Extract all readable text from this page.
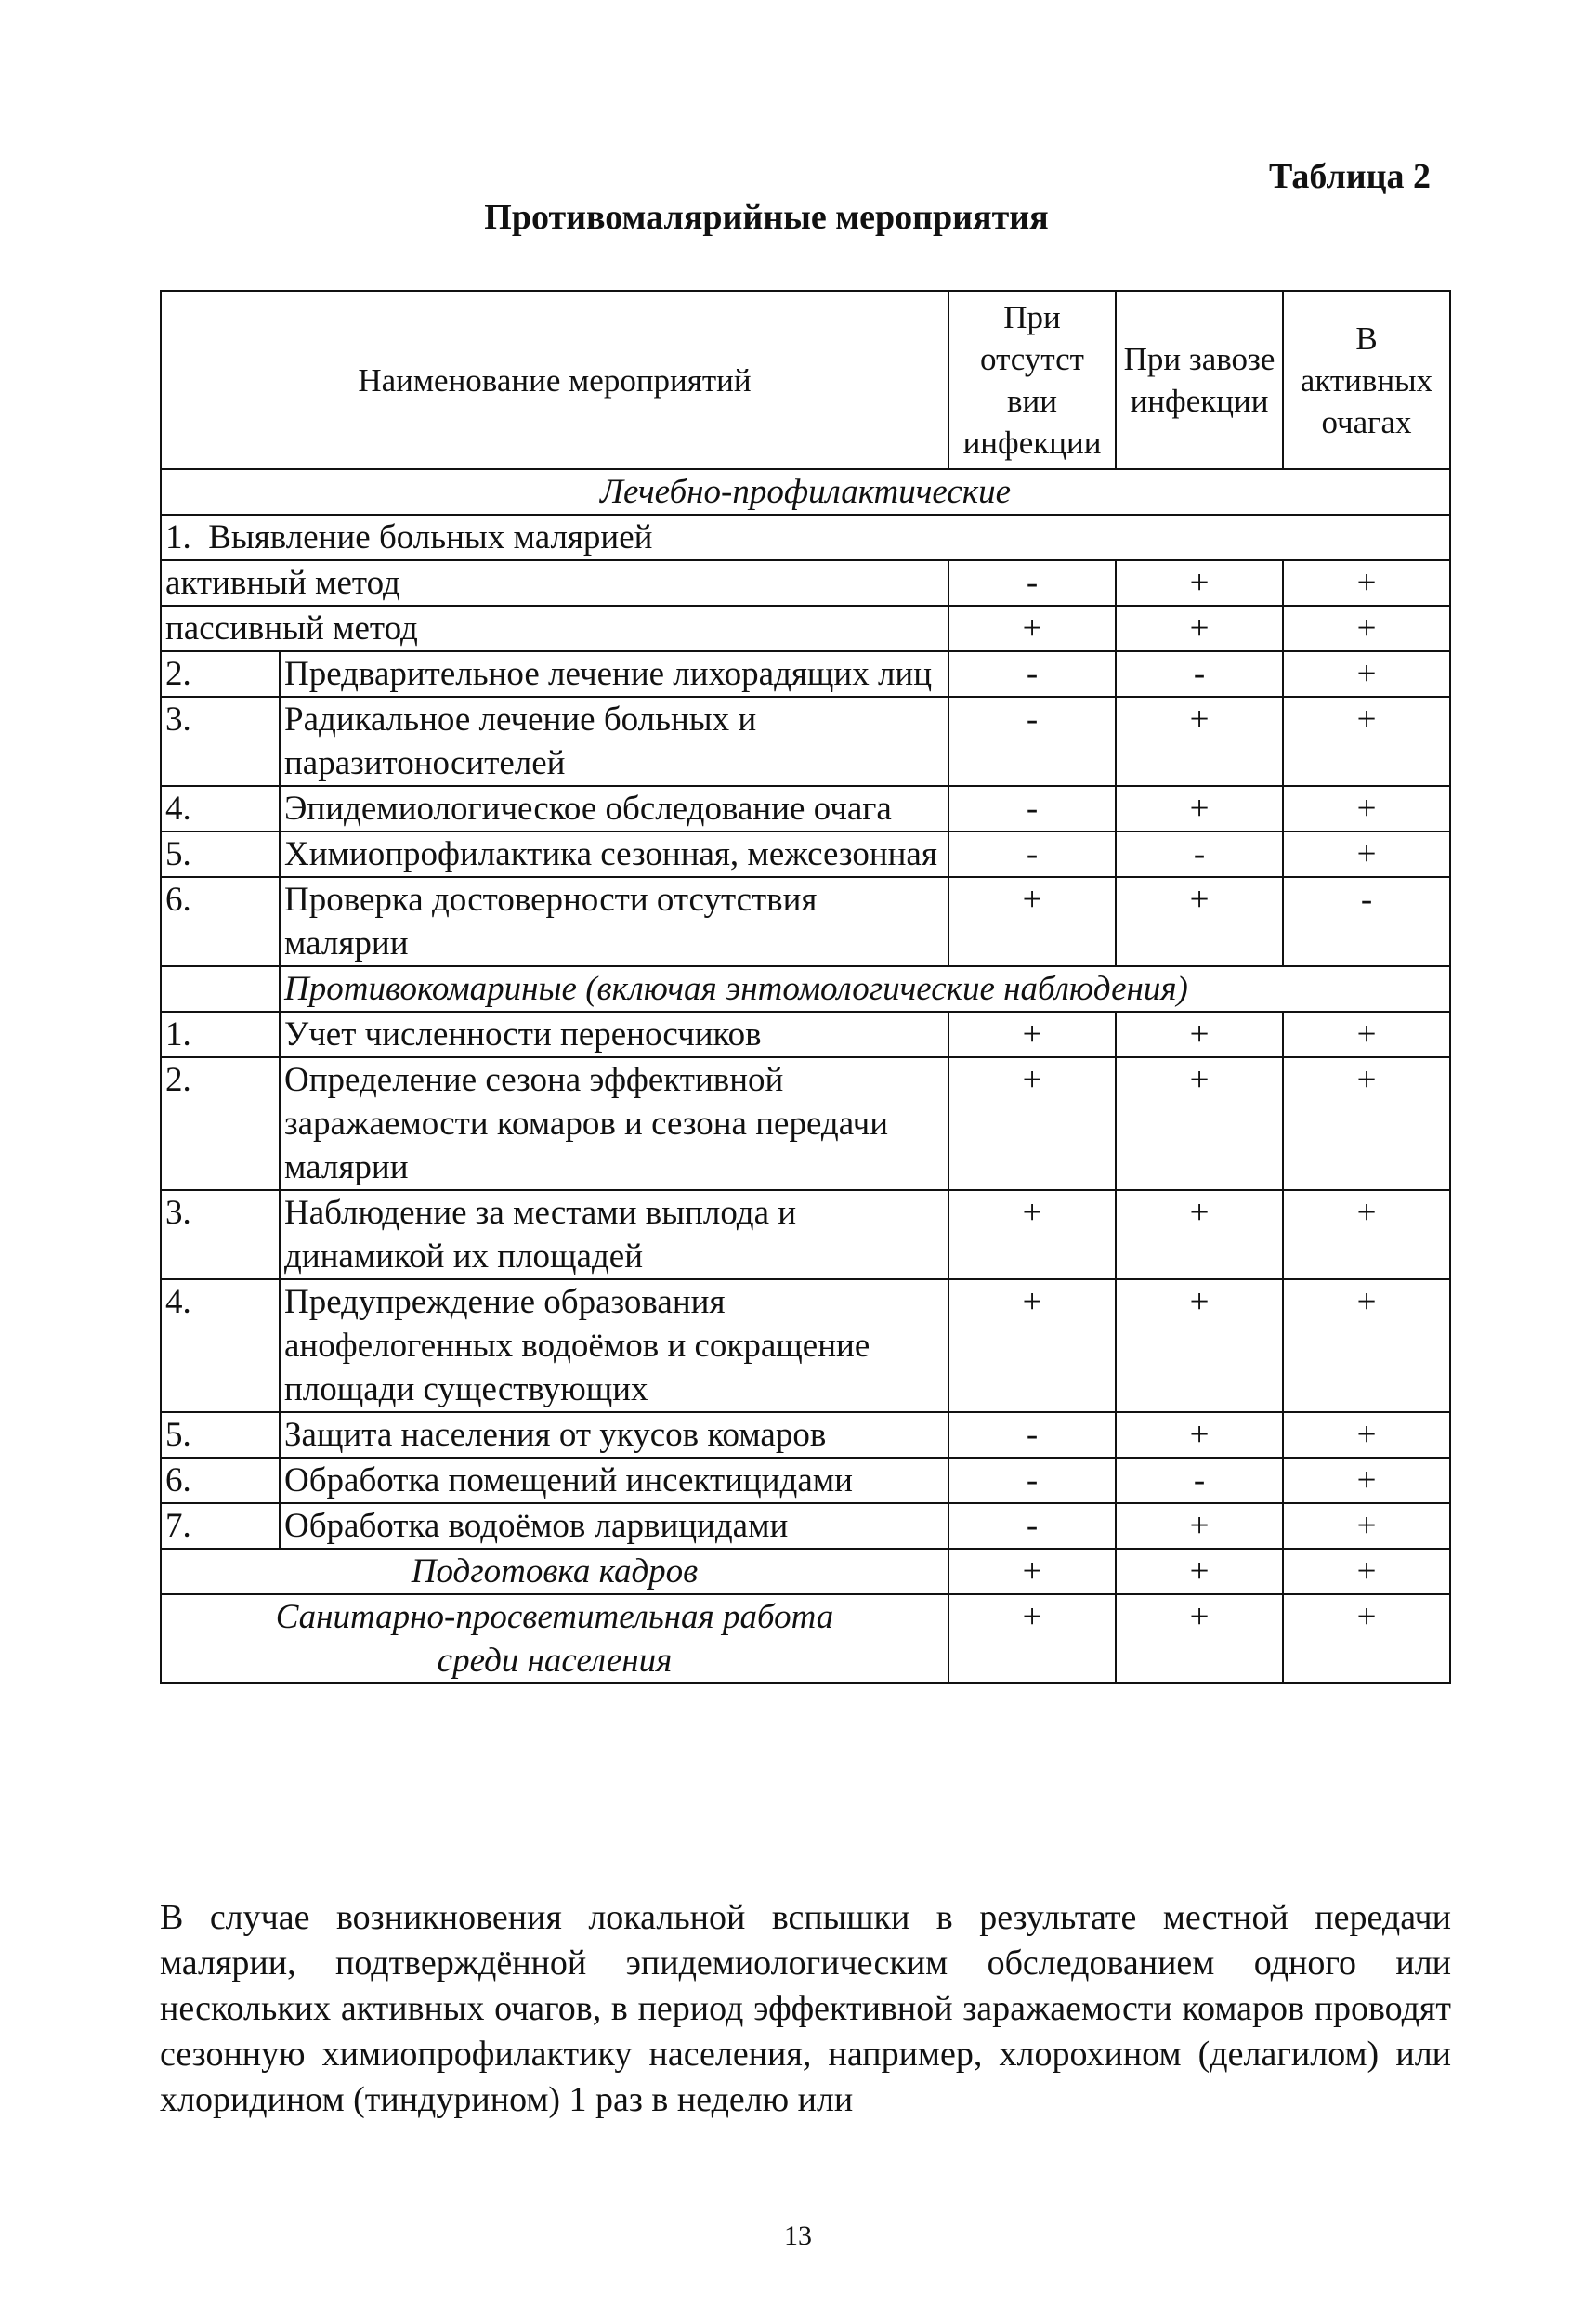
Таблица 2
Противомалярийные мероприятия
Наименование мероприятий		При отсутст вии инфекции	При завозе инфекции	В активных очагах
Лечебно-профилактические				
1. Выявление больных малярией				
активный метод		-	+	+
пассивный метод		+	+	+
2.	Предварительное лечение лихорадящих лиц	-	-	+
3.	Радикальное лечение больных и паразитоносителей	-	+	+
4.	Эпидемиологическое обследование очага	-	+	+
5.	Химиопрофилактика сезонная, межсезонная	-	-	+
6.	Проверка достоверности отсутствия малярии	+	+	-
	Противокомариные (включая энтомологические наблюдения)			
1.	Учет численности переносчиков	+	+	+
2.	Определение сезона эффективной заражаемости комаров и сезона передачи малярии	+	+	+
3.	Наблюдение за местами выплода и динамикой их площадей	+	+	+
4.	Предупреждение образования анофелогенных водоёмов и сокращение площади существующих	+	+	+
5.	Защита населения от укусов комаров	-	+	+
6.	Обработка помещений инсектицидами	-	-	+
7.	Обработка водоёмов ларвицидами	-	+	+
Подготовка кадров		+	+	+
Санитарно-просветительная работа среди населения		+	+	+

В случае возникновения локальной вспышки в результате местной передачи малярии, подтверждённой эпидемиологическим обследованием одного или нескольких активных очагов, в период эффективной заражаемости комаров проводят сезонную химиопрофилактику населения, например, хлорохином (делагилом) или хлоридином (тиндурином) 1 раз в неделю или

13
